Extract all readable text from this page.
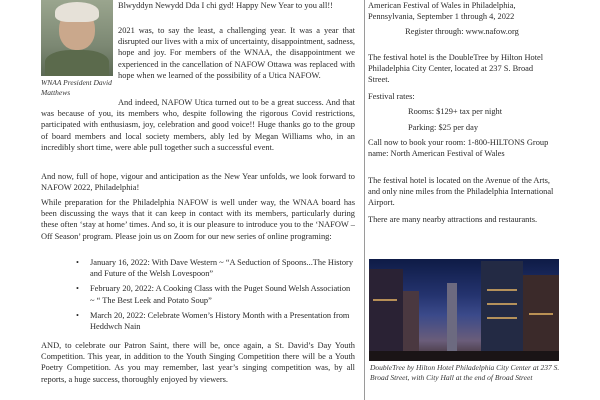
WNAA President David Matthews
Blwyddyn Newydd Dda I chi gyd! Happy New Year to you all!!
2021 was, to say the least, a challenging year. It was a year that disrupted our lives with a mix of uncertainty, disappointment, sadness, hope and joy. For members of the WNAA, the disappointment we experienced in the cancellation of NAFOW Ottawa was replaced with hope when we learned of the possibility of a Utica NAFOW.
And indeed, NAFOW Utica turned out to be a great success. And that was because of you, its members who, despite following the rigorous Covid restrictions, participated with enthusiasm, joy, celebration and good voice!! Huge thanks go to the group of board members and local society members, ably led by Megan Williams who, in an incredibly short time, were able pull together such a successful event.
And now, full of hope, vigour and anticipation as the New Year unfolds, we look forward to NAFOW 2022, Philadelphia!
While preparation for the Philadelphia NAFOW is well under way, the WNAA board has been discussing the ways that it can keep in contact with its members, particularly during these often ‘stay at home’ times. And so, it is our pleasure to introduce you to the ‘NAFOW – Off Season’ program. Please join us on Zoom for our new series of online programing:
• January 16, 2022: With Dave Western ~ “A Seduction of Spoons...The History and Future of the Welsh Lovespoon”
• February 20, 2022: A Cooking Class with the Puget Sound Welsh Association ~ “ The Best Leek and Potato Soup”
• March 20, 2022: Celebrate Women’s History Month with a Presentation from Heddwch Nain
AND, to celebrate our Patron Saint, there will be, once again, a St. David’s Day Youth Competition. This year, in addition to the Youth Singing Competition there will be a Youth Poetry Competition. As you may remember, last year’s singing competition was, by all reports, a huge success, thoroughly enjoyed by viewers.
American Festival of Wales in Philadelphia, Pennsylvania, September 1 through 4, 2022
Register through: www.nafow.org
The festival hotel is the DoubleTree by Hilton Hotel Philadelphia City Center, located at 237 S. Broad Street.
Festival rates:
Rooms: $129+ tax per night
Parking: $25 per day
Call now to book your room: 1-800-HILTONS Group name: North American Festival of Wales
The festival hotel is located on the Avenue of the Arts, and only nine miles from the Philadelphia International Airport.
There are many nearby attractions and restaurants.
DoubleTree by Hilton Hotel Philadelphia City Center at 237 S. Broad Street, with City Hall at the end of Broad Street
